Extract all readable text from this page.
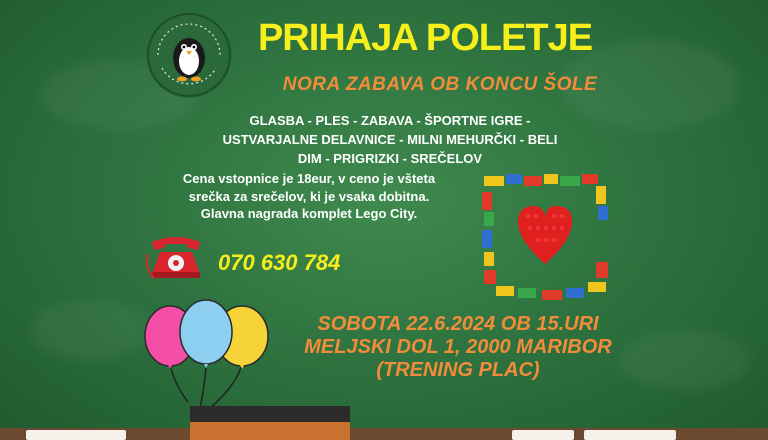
PRIHAJA POLETJE
NORA ZABAVA OB KONCU ŠOLE
GLASBA - PLES - ZABAVA - ŠPORTNE IGRE -
USTVARJALNE DELAVNICE - MILNI MEHURČKI - BELI
DIM - PRIGRIZKI - SREČELOV
Cena vstopnice je 18eur, v ceno je všteta
srečka za srečelov, ki je vsaka dobitna.
Glavna nagrada komplet Lego City.
070 630 784
SOBOTA 22.6.2024 OB 15.URI
MELJSKI DOL 1, 2000 MARIBOR
(TRENING PLAC)
